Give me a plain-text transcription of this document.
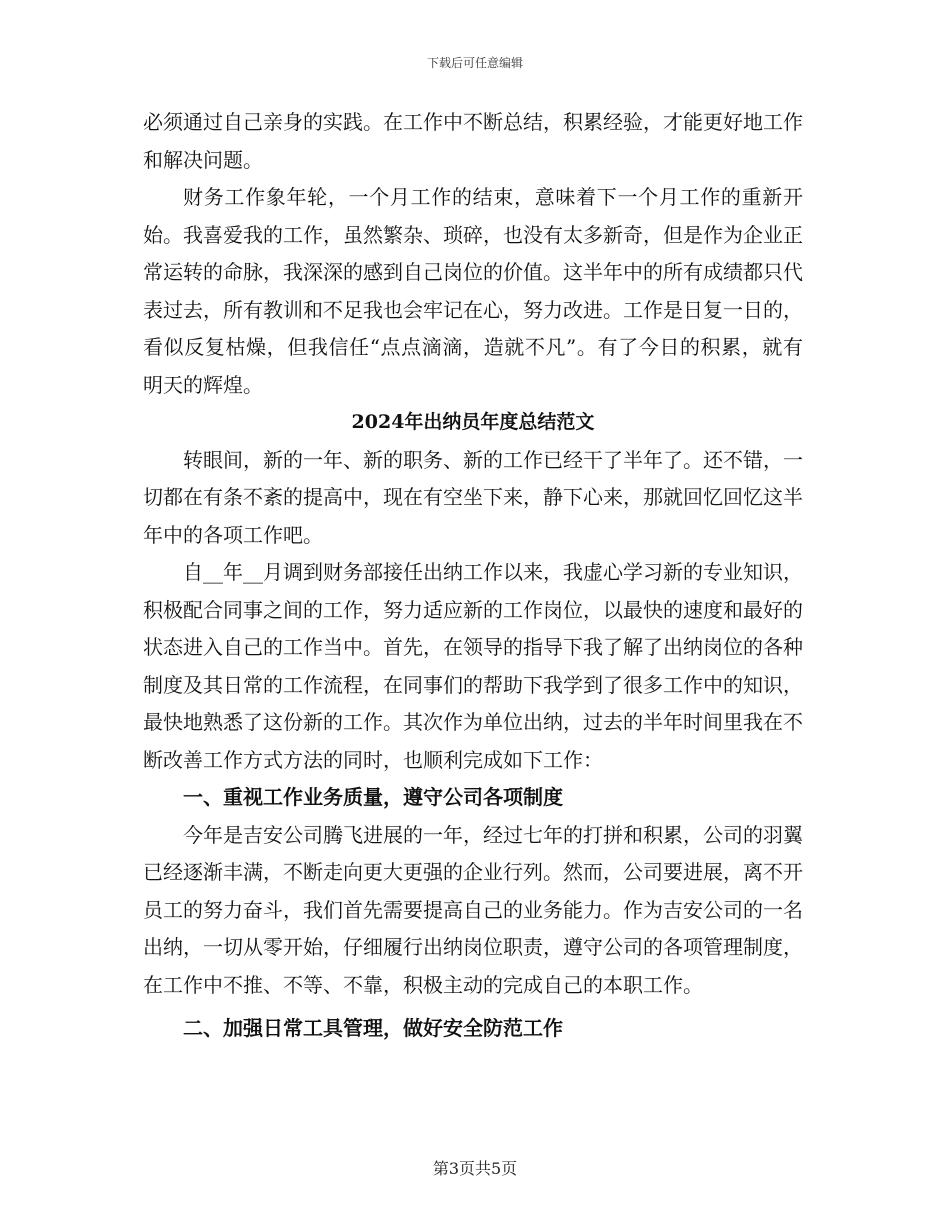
下载后可任意编辑

必须通过自己亲身的实践。在工作中不断总结，积累经验，才能更好地工作和解决问题。

财务工作象年轮，一个月工作的结束，意味着下一个月工作的重新开始。我喜爱我的工作，虽然繁杂、琐碎，也没有太多新奇，但是作为企业正常运转的命脉，我深深的感到自己岗位的价值。这半年中的所有成绩都只代表过去，所有教训和不足我也会牢记在心，努力改进。工作是日复一日的，看似反复枯燥，但我信任“点点滴滴，造就不凡”。有了今日的积累，就有明天的辉煌。

2024年出纳员年度总结范文

转眼间，新的一年、新的职务、新的工作已经干了半年了。还不错，一切都在有条不紊的提高中，现在有空坐下来，静下心来，那就回忆回忆这半年中的各项工作吧。

自__年__月调到财务部接任出纳工作以来，我虚心学习新的专业知识，积极配合同事之间的工作，努力适应新的工作岗位，以最快的速度和最好的状态进入自己的工作当中。首先，在领导的指导下我了解了出纳岗位的各种制度及其日常的工作流程，在同事们的帮助下我学到了很多工作中的知识，最快地熟悉了这份新的工作。其次作为单位出纳，过去的半年时间里我在不断改善工作方式方法的同时，也顺利完成如下工作：

一、重视工作业务质量，遵守公司各项制度

今年是吉安公司腾飞进展的一年，经过七年的打拼和积累，公司的羽翼已经逐渐丰满，不断走向更大更强的企业行列。然而，公司要进展，离不开员工的努力奋斗，我们首先需要提高自己的业务能力。作为吉安公司的一名出纳，一切从零开始，仔细履行出纳岗位职责，遵守公司的各项管理制度，在工作中不推、不等、不靠，积极主动的完成自己的本职工作。

二、加强日常工具管理，做好安全防范工作

第3页共5页
